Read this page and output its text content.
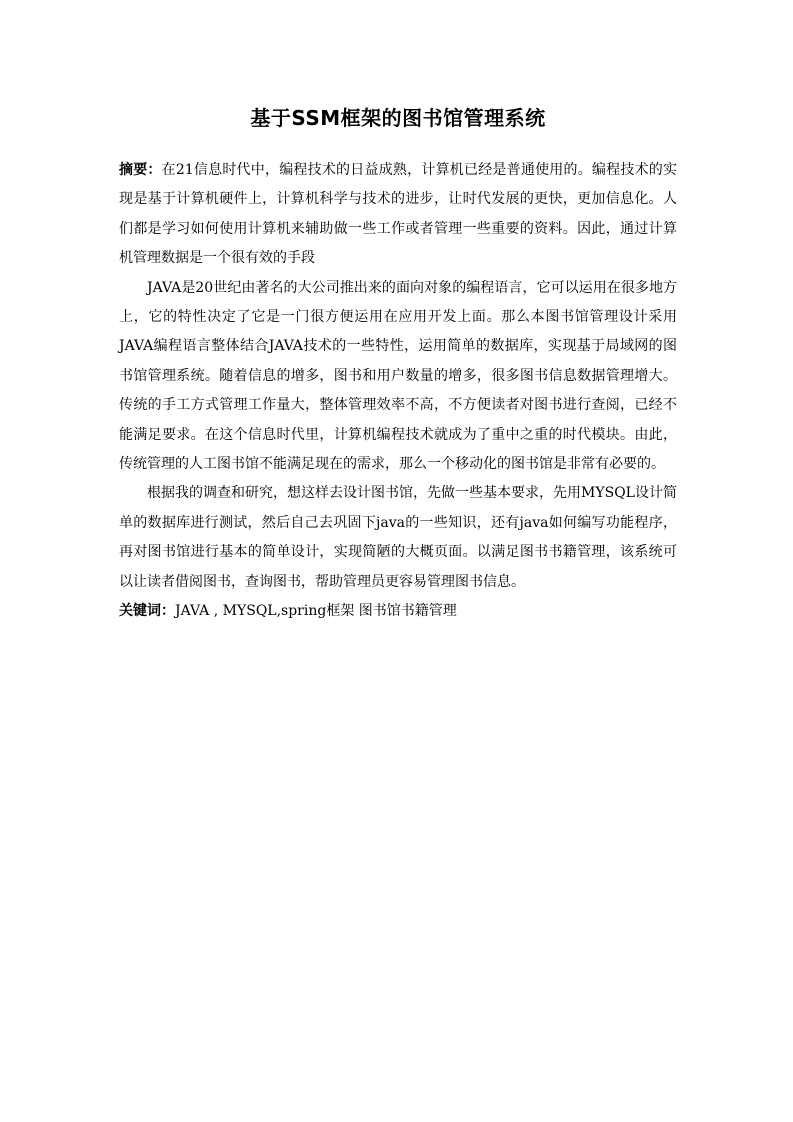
基于SSM框架的图书馆管理系统

摘要：在21信息时代中，编程技术的日益成熟，计算机已经是普通使用的。编程技术的实现是基于计算机硬件上，计算机科学与技术的进步，让时代发展的更快，更加信息化。人们都是学习如何使用计算机来辅助做一些工作或者管理一些重要的资料。因此，通过计算机管理数据是一个很有效的手段

JAVA是20世纪由著名的大公司推出来的面向对象的编程语言，它可以运用在很多地方上，它的特性决定了它是一门很方便运用在应用开发上面。那么本图书馆管理设计采用JAVA编程语言整体结合JAVA技术的一些特性，运用简单的数据库，实现基于局域网的图书馆管理系统。随着信息的增多，图书和用户数量的增多，很多图书信息数据管理增大。传统的手工方式管理工作量大，整体管理效率不高，不方便读者对图书进行查阅，已经不能满足要求。在这个信息时代里，计算机编程技术就成为了重中之重的时代模块。由此，传统管理的人工图书馆不能满足现在的需求，那么一个移动化的图书馆是非常有必要的。

根据我的调查和研究，想这样去设计图书馆，先做一些基本要求，先用MYSQL设计简单的数据库进行测试，然后自己去巩固下java的一些知识，还有java如何编写功能程序，再对图书馆进行基本的简单设计，实现简陋的大概页面。以满足图书书籍管理，该系统可以让读者借阅图书，查询图书，帮助管理员更容易管理图书信息。

关键词：JAVA , MYSQL,spring框架 图书馆书籍管理
